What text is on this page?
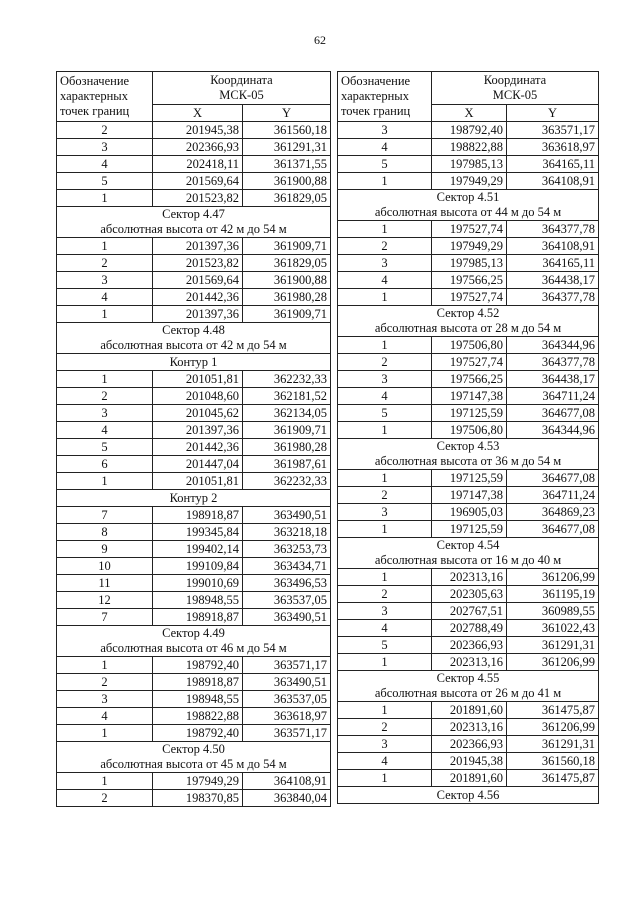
62
Обозначение
характерных
точек границ	Координата
МСК-05	
	X	Y
2	201945,38	361560,18
3	202366,93	361291,31
4	202418,11	361371,55
5	201569,64	361900,88
1	201523,82	361829,05
Сектор 4.47
абсолютная высота от 42 м до 54 м		
1	201397,36	361909,71
2	201523,82	361829,05
3	201569,64	361900,88
4	201442,36	361980,28
1	201397,36	361909,71
Сектор 4.48
абсолютная высота от 42 м до 54 м		
Контур 1		
1	201051,81	362232,33
2	201048,60	362181,52
3	201045,62	362134,05
4	201397,36	361909,71
5	201442,36	361980,28
6	201447,04	361987,61
1	201051,81	362232,33
Контур 2		
7	198918,87	363490,51
8	199345,84	363218,18
9	199402,14	363253,73
10	199109,84	363434,71
11	199010,69	363496,53
12	198948,55	363537,05
7	198918,87	363490,51
Сектор 4.49
абсолютная высота от 46 м до 54 м		
1	198792,40	363571,17
2	198918,87	363490,51
3	198948,55	363537,05
4	198822,88	363618,97
1	198792,40	363571,17
Сектор 4.50
абсолютная высота от 45 м до 54 м		
1	197949,29	364108,91
2	198370,85	363840,04
Обозначение
характерных
точек границ	Координата
МСК-05	
	X	Y
3	198792,40	363571,17
4	198822,88	363618,97
5	197985,13	364165,11
1	197949,29	364108,91
Сектор 4.51
абсолютная высота от 44 м до 54 м		
1	197527,74	364377,78
2	197949,29	364108,91
3	197985,13	364165,11
4	197566,25	364438,17
1	197527,74	364377,78
Сектор 4.52
абсолютная высота от 28 м до 54 м		
1	197506,80	364344,96
2	197527,74	364377,78
3	197566,25	364438,17
4	197147,38	364711,24
5	197125,59	364677,08
1	197506,80	364344,96
Сектор 4.53
абсолютная высота от 36 м до 54 м		
1	197125,59	364677,08
2	197147,38	364711,24
3	196905,03	364869,23
1	197125,59	364677,08
Сектор 4.54
абсолютная высота от 16 м до 40 м		
1	202313,16	361206,99
2	202305,63	361195,19
3	202767,51	360989,55
4	202788,49	361022,43
5	202366,93	361291,31
1	202313,16	361206,99
Сектор 4.55
абсолютная высота от 26 м до 41 м		
1	201891,60	361475,87
2	202313,16	361206,99
3	202366,93	361291,31
4	201945,38	361560,18
1	201891,60	361475,87
Сектор 4.56		
